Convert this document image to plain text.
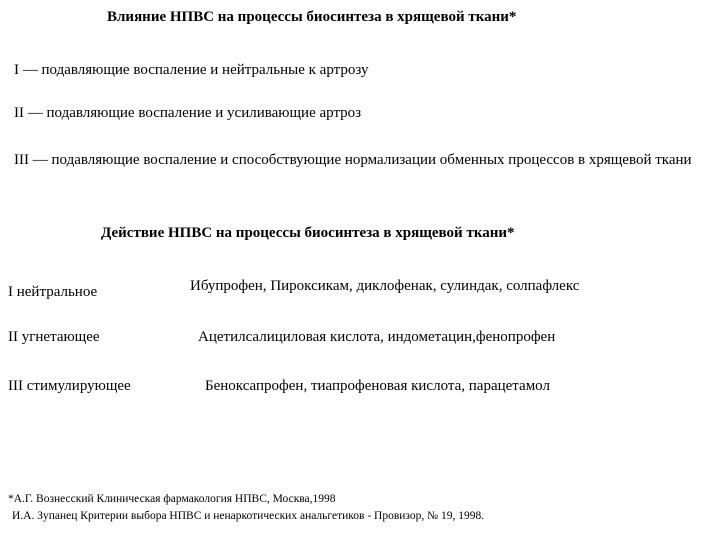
Влияние НПВС на процессы биосинтеза в хрящевой ткани*
I — подавляющие воспаление и нейтральные к артрозу
II — подавляющие воспаление и усиливающие артроз
III — подавляющие воспаление и способствующие нормализации обменных процессов в хрящевой ткани
Действие НПВС на процессы биосинтеза в хрящевой ткани*
I нейтральное	Ибупрофен, Пироксикам, диклофенак, сулиндак, солпафлекс
II угнетающее	Ацетилсалициловая кислота, индометацин,фенопрофен
III стимулирующее	Беноксапрофен, тиапрофеновая кислота, парацетамол
*А.Г. Вознесский Клиническая фармакология НПВС, Москва,1998
И.А. Зупанец Критерии выбора НПВС и ненаркотических анальгетиков - Провизор, № 19, 1998.
